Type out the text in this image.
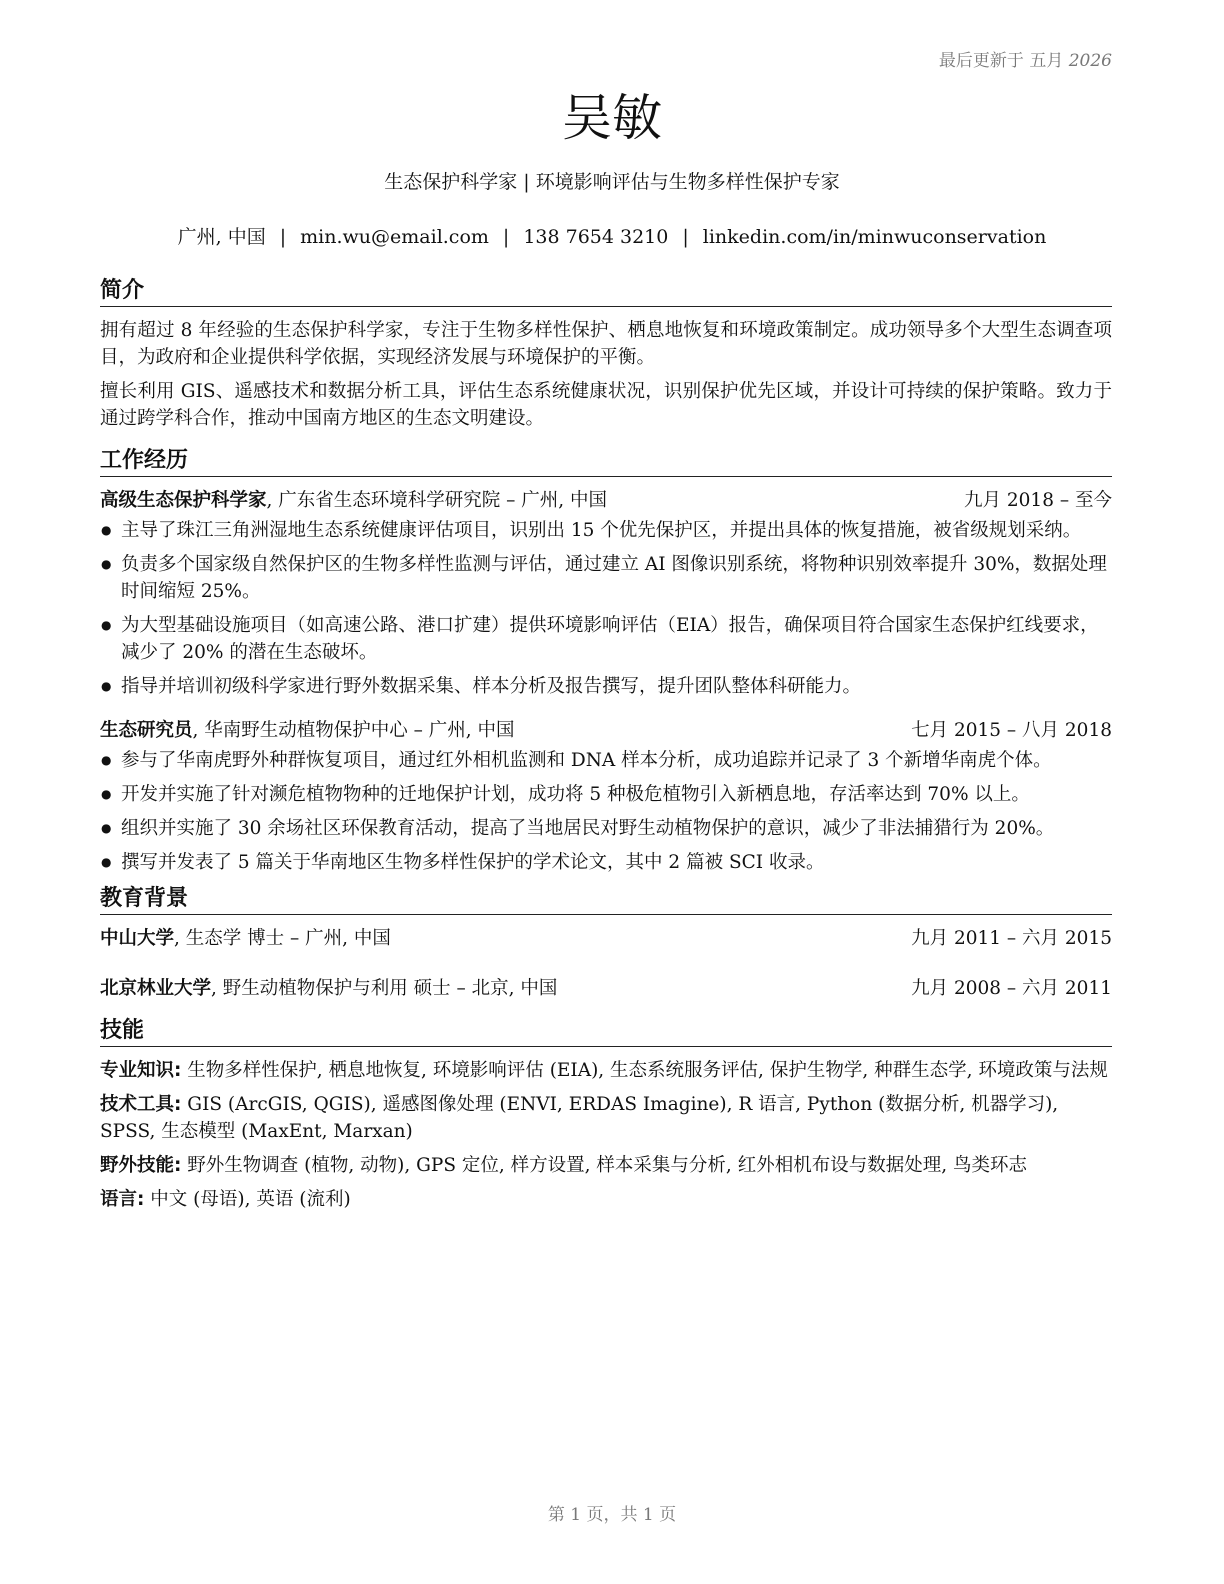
最后更新于 五月 2026
吴敏
生态保护科学家 | 环境影响评估与生物多样性保护专家
广州, 中国 | min.wu@email.com | 138 7654 3210 | linkedin.com/in/minwuconservation
简介

拥有超过 8 年经验的生态保护科学家，专注于生物多样性保护、栖息地恢复和环境政策制定。成功领导多个大型生态调查项目，为政府和企业提供科学依据，实现经济发展与环境保护的平衡。

擅长利用 GIS、遥感技术和数据分析工具，评估生态系统健康状况，识别保护优先区域，并设计可持续的保护策略。致力于通过跨学科合作，推动中国南方地区的生态文明建设。

工作经历
高级生态保护科学家, 广东省生态环境科学研究院 – 广州, 中国	九月 2018 – 至今
● 主导了珠江三角洲湿地生态系统健康评估项目，识别出 15 个优先保护区，并提出具体的恢复措施，被省级规划采纳。
● 负责多个国家级自然保护区的生物多样性监测与评估，通过建立 AI 图像识别系统，将物种识别效率提升 30%，数据处理时间缩短 25%。
● 为大型基础设施项目（如高速公路、港口扩建）提供环境影响评估（EIA）报告，确保项目符合国家生态保护红线要求，减少了 20% 的潜在生态破坏。
● 指导并培训初级科学家进行野外数据采集、样本分析及报告撰写，提升团队整体科研能力。
生态研究员, 华南野生动植物保护中心 – 广州, 中国	七月 2015 – 八月 2018
● 参与了华南虎野外种群恢复项目，通过红外相机监测和 DNA 样本分析，成功追踪并记录了 3 个新增华南虎个体。
● 开发并实施了针对濒危植物物种的迁地保护计划，成功将 5 种极危植物引入新栖息地，存活率达到 70% 以上。
● 组织并实施了 30 余场社区环保教育活动，提高了当地居民对野生动植物保护的意识，减少了非法捕猎行为 20%。
● 撰写并发表了 5 篇关于华南地区生物多样性保护的学术论文，其中 2 篇被 SCI 收录。
教育背景
中山大学, 生态学 博士 – 广州, 中国	九月 2011 – 六月 2015
北京林业大学, 野生动植物保护与利用 硕士 – 北京, 中国	九月 2008 – 六月 2011
技能
专业知识: 生物多样性保护, 栖息地恢复, 环境影响评估 (EIA), 生态系统服务评估, 保护生物学, 种群生态学, 环境政策与法规
技术工具: GIS (ArcGIS, QGIS), 遥感图像处理 (ENVI, ERDAS Imagine), R 语言, Python (数据分析, 机器学习), SPSS, 生态模型 (MaxEnt, Marxan)
野外技能: 野外生物调查 (植物, 动物), GPS 定位, 样方设置, 样本采集与分析, 红外相机布设与数据处理, 鸟类环志
语言: 中文 (母语), 英语 (流利)
第 1 页，共 1 页
